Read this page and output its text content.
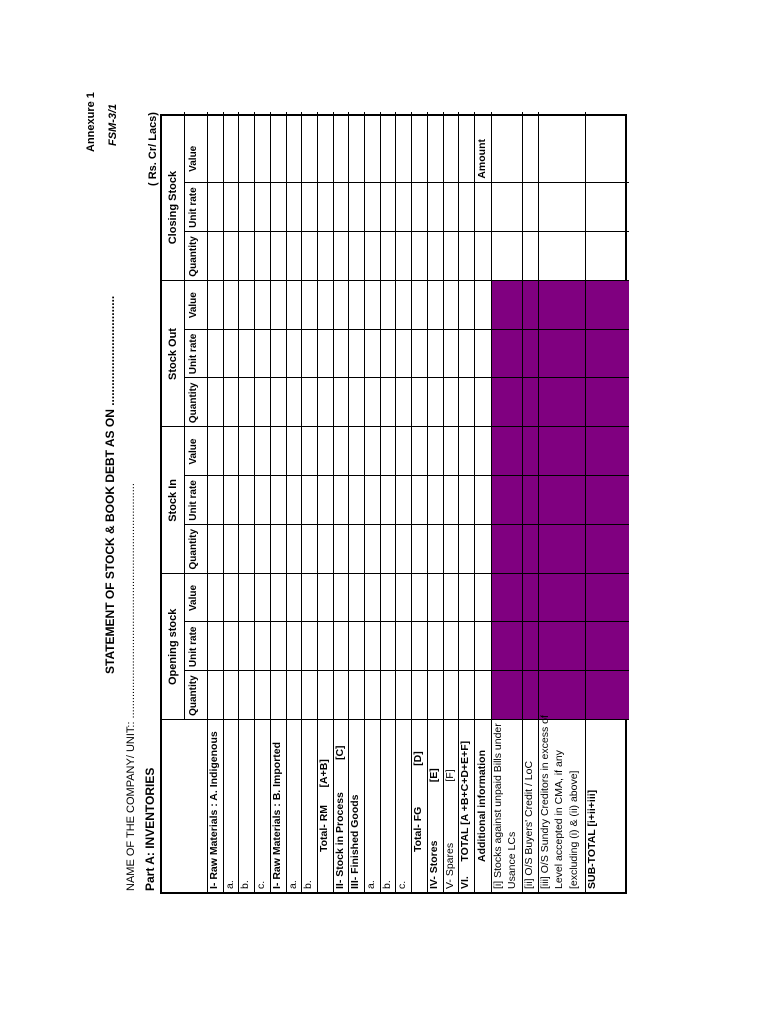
Annexure 1 FSM-3/1
STATEMENT OF STOCK & BOOK DEBT AS ON ................................. NAME OF THE COMPANY/ UNIT:: ............................................................................. Part A: INVENTORIES
( Rs. Cr/ Lacs)
Opening stock
Stock In
Stock Out
Closing Stock
Quantity
Unit rate
Value
Quantity
Unit rate
Value
Quantity
Unit rate
Value
Quantity
Unit rate
Value
I- Raw Materials : A. Indigenous a. b. c. I- Raw Materials : B. Imported a. b.
Total- RM      [A+B] II- Stock in Process           [C] III- Finished Goods a. b. c.
Total- FG              [D] IV- Stores                    [E] V- Spares                     [F] VI.     TOTAL [A +B+C+D+E+F] Additional information
Amount
[i] Stocks against unpaid Bills under Usance LCs [ii] O/S Buyers' Credit / LoC [iii] O/S Sundry Creditors in excess of Level accepted in CMA, if any [excluding (i) & (ii) above] SUB-TOTAL [i+ii+iii]
